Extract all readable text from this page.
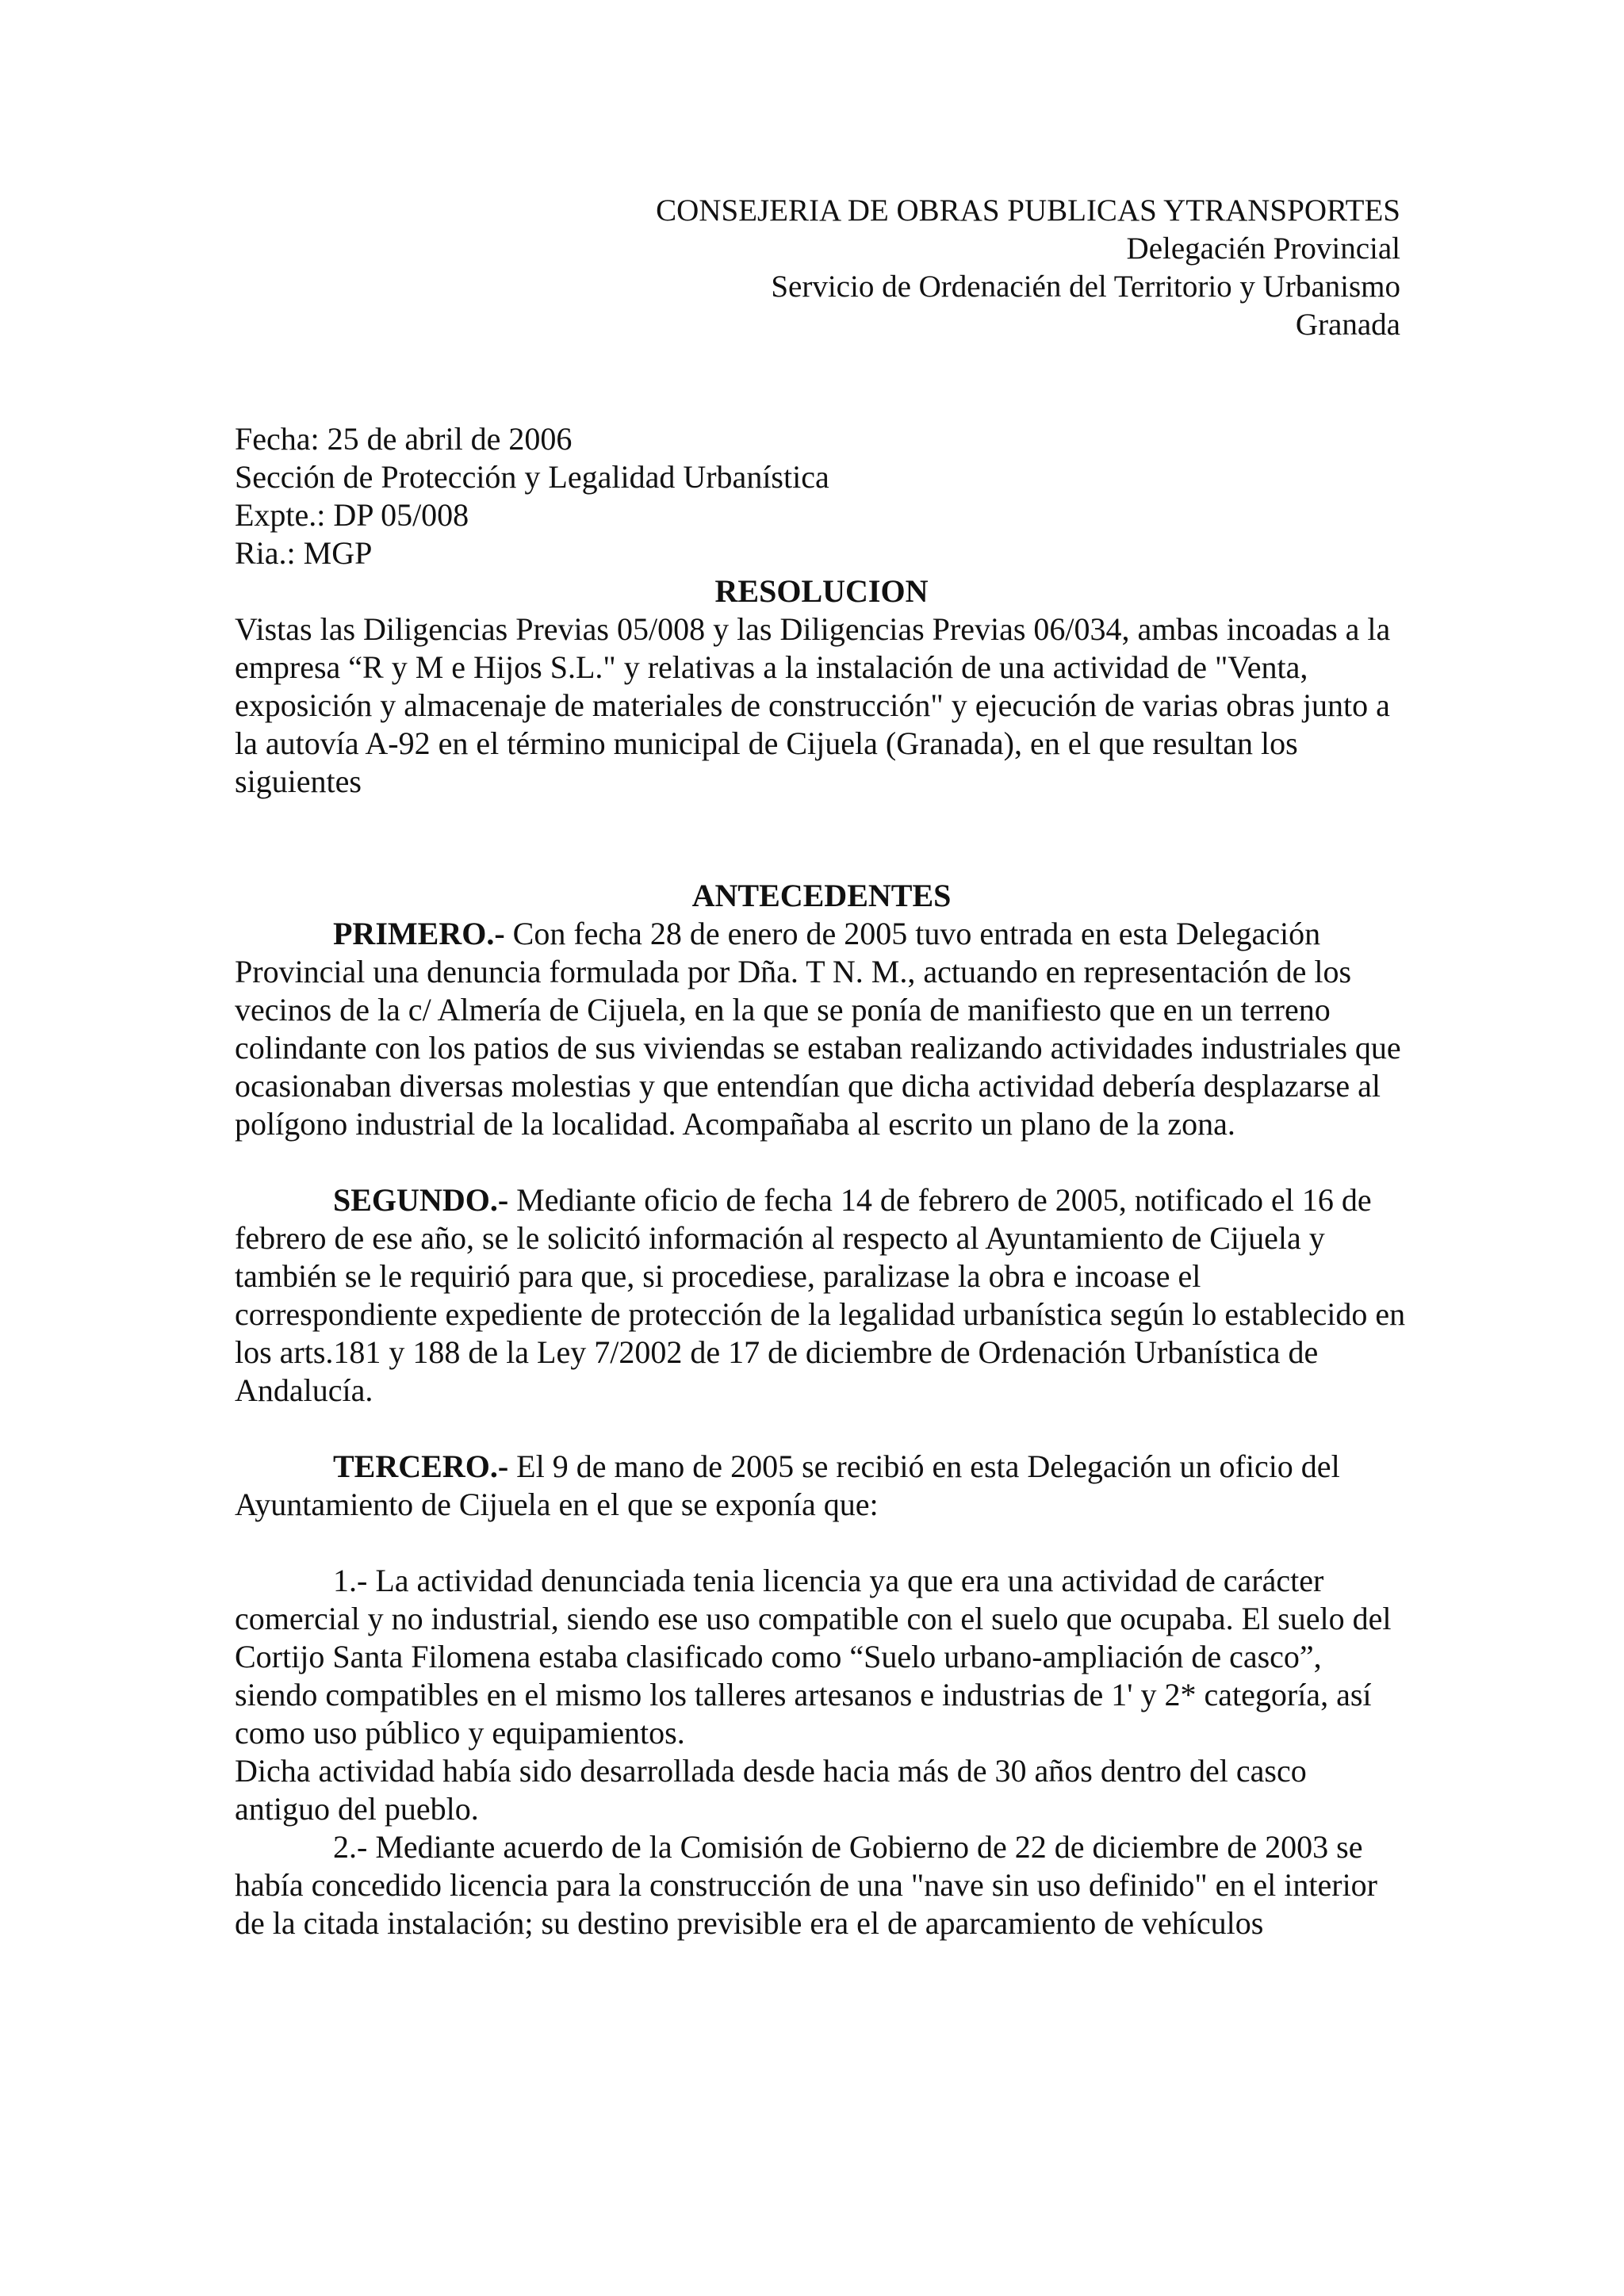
CONSEJERIA DE OBRAS PUBLICAS YTRANSPORTES
Delegacién Provincial
Servicio de Ordenacién del Territorio y Urbanismo
Granada
Fecha: 25 de abril de 2006
Sección de Protección y Legalidad Urbanística
Expte.: DP 05/008
Ria.: MGP
RESOLUCION

Vistas las Diligencias Previas 05/008 y las Diligencias Previas 06/034, ambas incoadas a la empresa “R y M e Hijos S.L." y relativas a la instalación de una actividad de "Venta, exposición y almacenaje de materiales de construcción" y ejecución de varias obras junto a la autovía A-92 en el término municipal de Cijuela (Granada), en el que resultan los siguientes

ANTECEDENTES

PRIMERO.- Con fecha 28 de enero de 2005 tuvo entrada en esta Delegación Provincial una denuncia formulada por Dña. T N. M., actuando en representación de los vecinos de la c/ Almería de Cijuela, en la que se ponía de manifiesto que en un terreno colindante con los patios de sus viviendas se estaban realizando actividades industriales que ocasionaban diversas molestias y que entendían que dicha actividad debería desplazarse al polígono industrial de la localidad. Acompañaba al escrito un plano de la zona.

SEGUNDO.- Mediante oficio de fecha 14 de febrero de 2005, notificado el 16 de febrero de ese año, se le solicitó información al respecto al Ayuntamiento de Cijuela y también se le requirió para que, si procediese, paralizase la obra e incoase el correspondiente expediente de protección de la legalidad urbanística según lo establecido en los arts.181 y 188 de la Ley 7/2002 de 17 de diciembre de Ordenación Urbanística de Andalucía.

TERCERO.- El 9 de mano de 2005 se recibió en esta Delegación un oficio del Ayuntamiento de Cijuela en el que se exponía que:

1.- La actividad denunciada tenia licencia ya que era una actividad de carácter comercial y no industrial, siendo ese uso compatible con el suelo que ocupaba. El suelo del Cortijo Santa Filomena estaba clasificado como “Suelo urbano-ampliación de casco”, siendo compatibles en el mismo los talleres artesanos e industrias de 1' y 2* categoría, así como uso público y equipamientos.

Dicha actividad había sido desarrollada desde hacia más de 30 años dentro del casco antiguo del pueblo.

2.- Mediante acuerdo de la Comisión de Gobierno de 22 de diciembre de 2003 se había concedido licencia para la construcción de una "nave sin uso definido" en el interior de la citada instalación; su destino previsible era el de aparcamiento de vehículos
